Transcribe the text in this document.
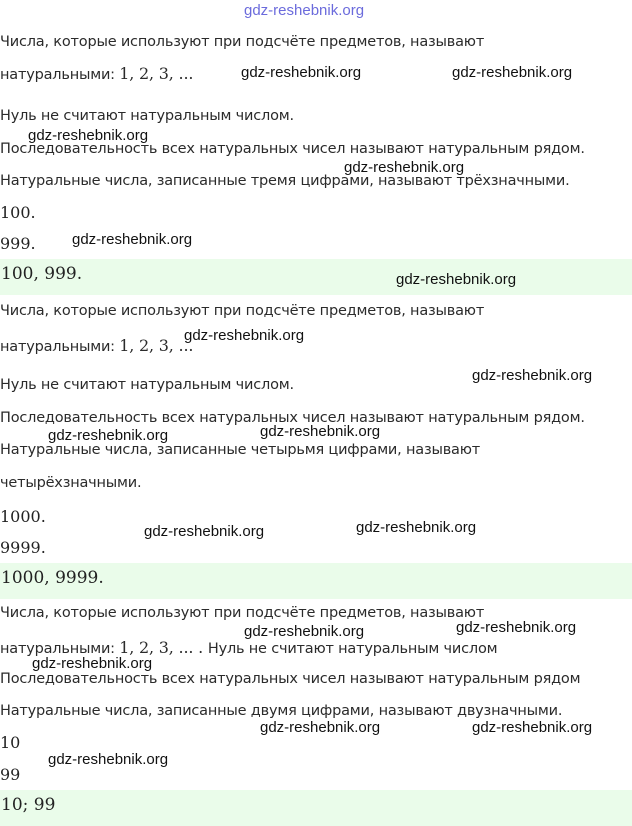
gdz-reshebnik.org
Числа, которые используют при подсчёте предметов, называют
натуральными: 1, 2, 3, ...
Нуль не считают натуральным числом.
Последовательность всех натуральных чисел называют натуральным рядом.
Натуральные числа, записанные тремя цифрами, называют трёхзначными.
100.
999.
100, 999.
Числа, которые используют при подсчёте предметов, называют
натуральными: 1, 2, 3, ...
Нуль не считают натуральным числом.
Последовательность всех натуральных чисел называют натуральным рядом.
Натуральные числа, записанные четырьмя цифрами, называют
четырёхзначными.
1000.
9999.
1000, 9999.
Числа, которые используют при подсчёте предметов, называют
натуральными: 1, 2, 3, ... . Нуль не считают натуральным числом
Последовательность всех натуральных чисел называют натуральным рядом
Натуральные числа, записанные двумя цифрами, называют двузначными.
10
99
10; 99
gdz-reshebnik.org	gdz-reshebnik.org
gdz-reshebnik.org
gdz-reshebnik.org
gdz-reshebnik.org
gdz-reshebnik.org
gdz-reshebnik.org
gdz-reshebnik.org
gdz-reshebnik.org	gdz-reshebnik.org
gdz-reshebnik.org	gdz-reshebnik.org
gdz-reshebnik.org	gdz-reshebnik.org
gdz-reshebnik.org
gdz-reshebnik.org	gdz-reshebnik.org
gdz-reshebnik.org
